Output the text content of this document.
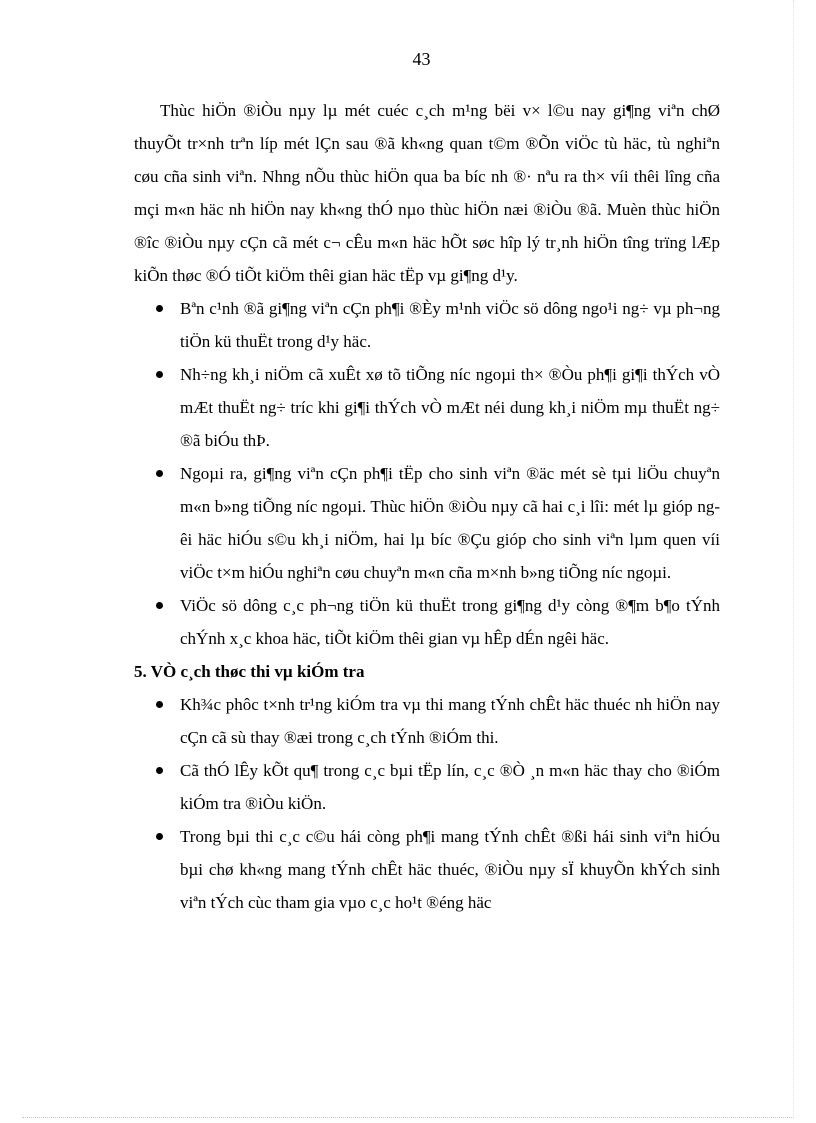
43

Thùc hiÖn ®iÒu nµy lµ mét cuéc c¸ch m¹ng bëi v× l©u nay gi¶ng viªn chØ thuyÕt tr×nh trªn líp mét lÇn sau ®ã kh«ng quan t©m ®Õn viÖc tù häc, tù nghiªn cøu cña sinh viªn. Nhng nÕu thùc hiÖn qua ba bíc nh ®· nªu ra th× víi thêi lîng cña mçi m«n häc nh hiÖn nay kh«ng thÓ nµo thùc hiÖn næi ®iÒu ®ã. Muèn thùc hiÖn ®îc ®iÒu nµy cÇn cã mét c¬ cÊu m«n häc hÕt søc hîp lý tr¸nh hiÖn tîng trïng lÆp kiÕn thøc ®Ó tiÕt kiÖm thêi gian häc tËp vµ gi¶ng d¹y.

Bªn c¹nh ®ã gi¶ng viªn cÇn ph¶i ®Èy m¹nh viÖc sö dông ngo¹i ng÷ vµ ph¬ng tiÖn kü thuËt trong d¹y häc.
Nh÷ng kh¸i niÖm cã xuÊt xø tõ tiÕng níc ngoµi th× ®Òu ph¶i gi¶i thÝch vÒ mÆt thuËt ng÷ tríc khi gi¶i thÝch vÒ mÆt néi dung kh¸i niÖm mµ thuËt ng÷ ®ã biÓu thÞ.
Ngoµi ra, gi¶ng viªn cÇn ph¶i tËp cho sinh viªn ®äc mét sè tµi liÖu chuyªn m«n b»ng tiÕng níc ngoµi. Thùc hiÖn ®iÒu nµy cã hai c¸i lîi: mét lµ gióp ngêi häc hiÓu s©u kh¸i niÖm, hai lµ bíc ®Çu gióp cho sinh viªn lµm quen víi viÖc t×m hiÓu nghiªn cøu chuyªn m«n cña m×nh b»ng tiÕng níc ngoµi.
ViÖc sö dông c¸c ph¬ng tiÖn kü thuËt trong gi¶ng d¹y còng ®¶m b¶o tÝnh chÝnh x¸c khoa häc, tiÕt kiÖm thêi gian vµ hÊp dÉn ngêi häc.
5. VÒ c¸ch thøc thi vµ kiÓm tra
Kh¾c phôc t×nh tr¹ng kiÓm tra vµ thi mang tÝnh chÊt häc thuéc nh hiÖn nay cÇn cã sù thay ®æi trong c¸ch tÝnh ®iÓm thi.
Cã thÓ lÊy kÕt qu¶ trong c¸c bµi tËp lín, c¸c ®Ò ¸n m«n häc thay cho ®iÓm kiÓm tra ®iÒu kiÖn.
Trong bµi thi c¸c c©u hái còng ph¶i mang tÝnh chÊt ®ßi hái sinh viªn hiÓu bµi chø kh«ng mang tÝnh chÊt häc thuéc, ®iÒu nµy sÏ khuyÕn khÝch sinh viªn tÝch cùc tham gia vµo c¸c ho¹t ®éng häc
